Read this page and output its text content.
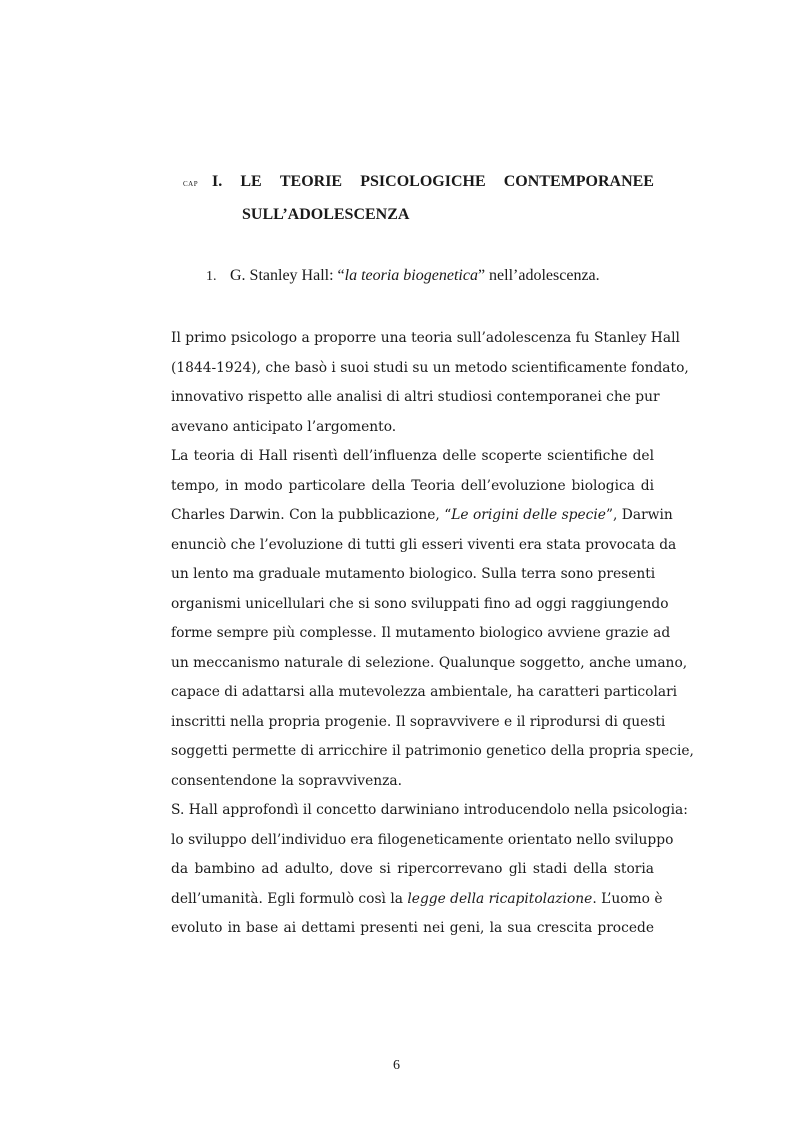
CAP I. LE TEORIE PSICOLOGICHE CONTEMPORANEE
SULL’ADOLESCENZA
1. G. Stanley Hall: “la teoria biogenetica” nell’adolescenza.
Il primo psicologo a proporre una teoria sull’adolescenza fu Stanley Hall
(1844-1924), che basò i suoi studi su un metodo scientificamente fondato,
innovativo rispetto alle analisi di altri studiosi contemporanei che pur
avevano anticipato l’argomento.
La teoria di Hall risentì dell’influenza delle scoperte scientifiche del
tempo, in modo particolare della Teoria dell’evoluzione biologica di
Charles Darwin. Con la pubblicazione, “Le origini delle specie”, Darwin
enunciò che l’evoluzione di tutti gli esseri viventi era stata provocata da
un lento ma graduale mutamento biologico. Sulla terra sono presenti
organismi unicellulari che si sono sviluppati fino ad oggi raggiungendo
forme sempre più complesse. Il mutamento biologico avviene grazie ad
un meccanismo naturale di selezione. Qualunque soggetto, anche umano,
capace di adattarsi alla mutevolezza ambientale, ha caratteri particolari
inscritti nella propria progenie. Il sopravvivere e il riprodursi di questi
soggetti permette di arricchire il patrimonio genetico della propria specie,
consentendone la sopravvivenza.
S. Hall approfondì il concetto darwiniano introducendolo nella psicologia:
lo sviluppo dell’individuo era filogeneticamente orientato nello sviluppo
da bambino ad adulto, dove si ripercorrevano gli stadi della storia
dell’umanità. Egli formulò così la legge della ricapitolazione. L’uomo è
evoluto in base ai dettami presenti nei geni, la sua crescita procede
6
